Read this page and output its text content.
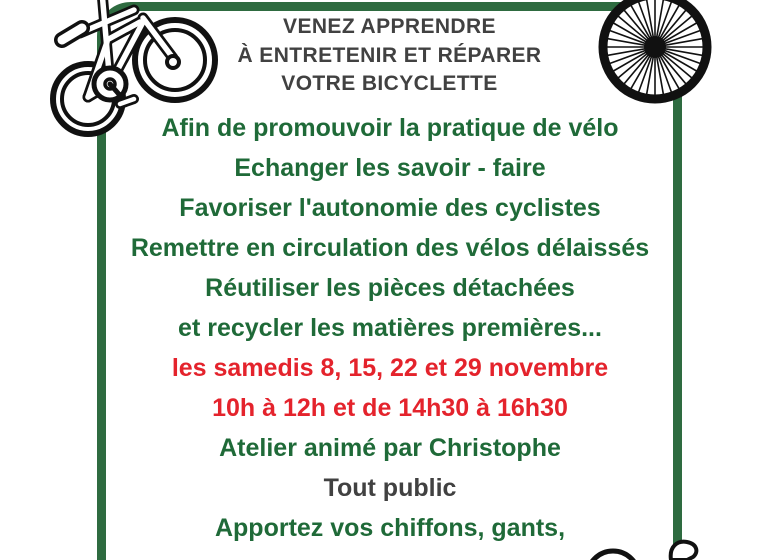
VENEZ APPRENDRE
À ENTRETENIR ET RÉPARER
VOTRE BICYCLETTE
Afin de promouvoir la pratique de vélo
Echanger les savoir - faire
Favoriser l'autonomie des cyclistes
Remettre en circulation des vélos délaissés
Réutiliser les pièces détachées
et recycler les matières premières...
les samedis 8, 15, 22 et 29 novembre
10h à 12h et de 14h30 à 16h30
Atelier animé par Christophe
Tout public
Apportez vos chiffons, gants,
